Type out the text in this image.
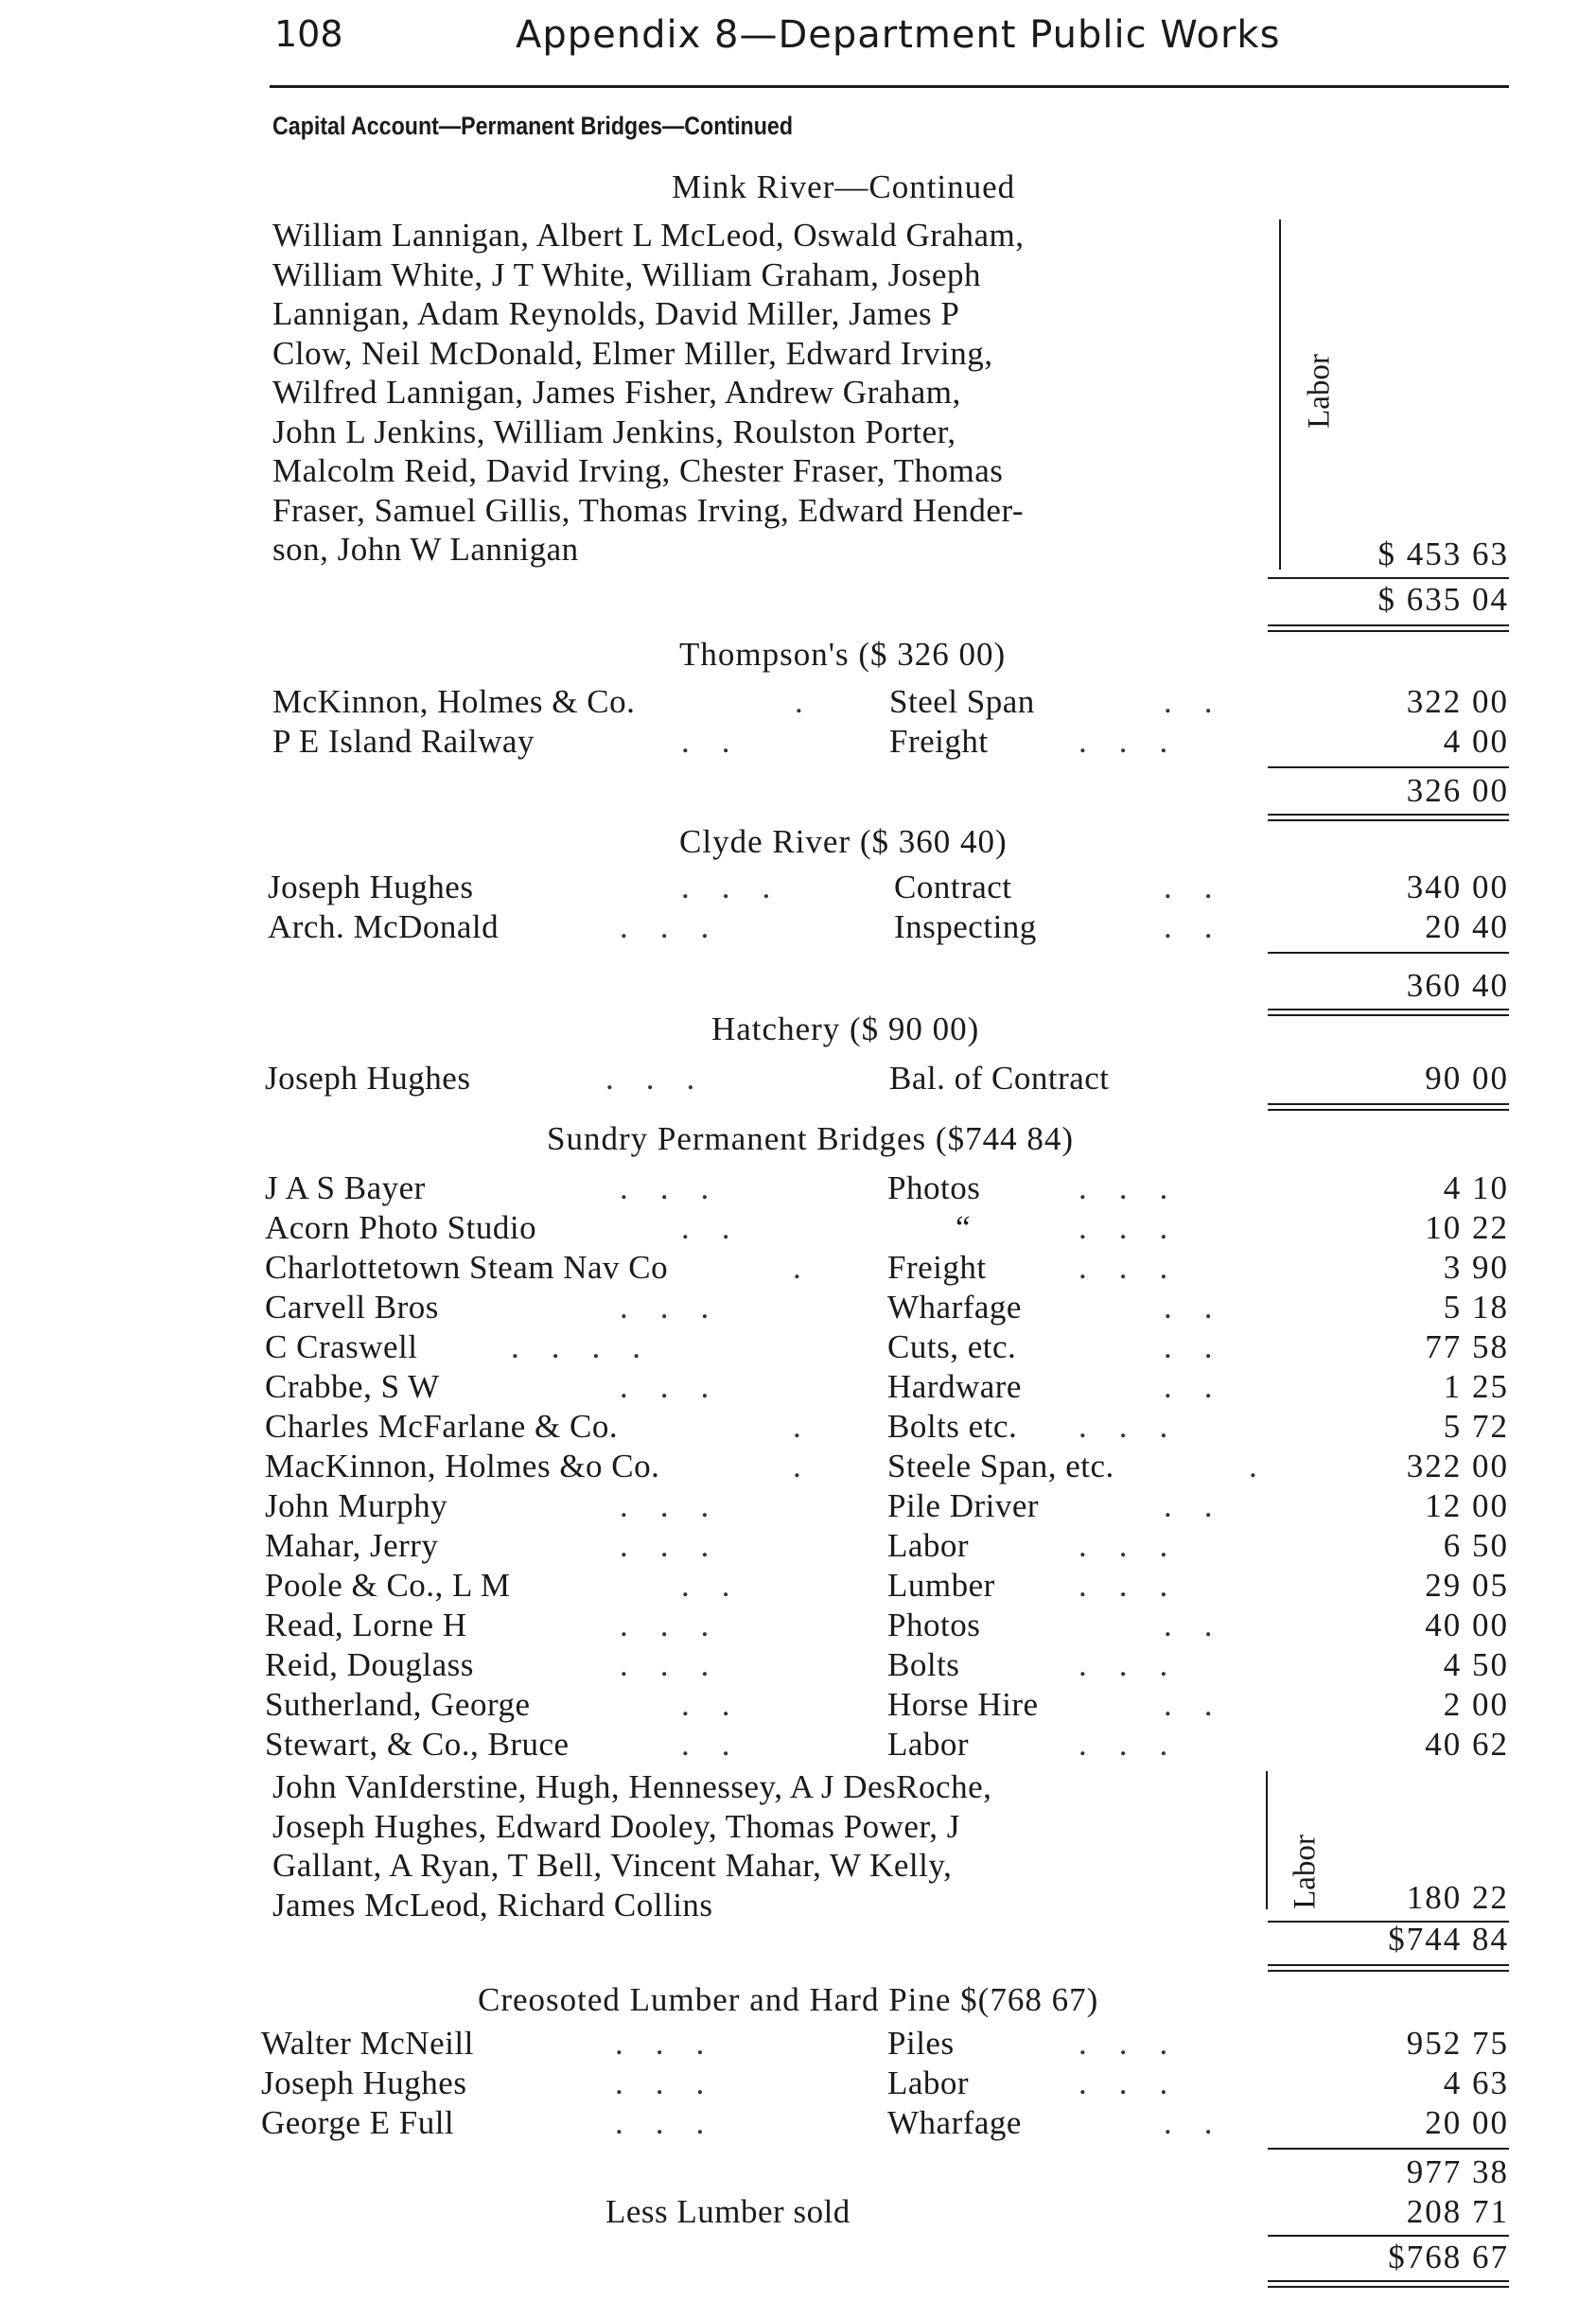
108	Appendix 8—Department Public Works
Capital Account—Permanent Bridges—Continued
Mink River—Continued
William Lannigan, Albert L McLeod, Oswald Graham,
William White, J T White, William Graham, Joseph
Lannigan, Adam Reynolds, David Miller, James P
Clow, Neil McDonald, Elmer Miller, Edward Irving,
Wilfred Lannigan, James Fisher, Andrew Graham,
John L Jenkins, William Jenkins, Roulston Porter,
Malcolm Reid, David Irving, Chester Fraser, Thomas
Fraser, Samuel Gillis, Thomas Irving, Edward Hender-
son, John W Lannigan
Labor
$ 453 63
$ 635 04
Thompson's ($ 326 00)
McKinnon, Holmes & Co.	. Steel Span	..	322 00
P E Island Railway	..	Freight	...	4 00
326 00
Clyde River ($ 360 40)
Joseph Hughes	...	Contract	..	340 00
Arch. McDonald	...	Inspecting	..	20 40
360 40
Hatchery ($ 90 00)
Joseph Hughes	...	Bal. of Contract	90 00
Sundry Permanent Bridges ($744 84)
J A S Bayer	...	Photos	...	4 10
Acorn Photo Studio	..	“	...	10 22
Charlottetown Steam Nav Co	. Freight	...	3 90
Carvell Bros	...	Wharfage	..	5 18
C Craswell	....	Cuts, etc.	..	77 58
Crabbe, S W	...	Hardware	..	1 25
Charles McFarlane & Co.	. Bolts etc. ...	5 72
MacKinnon, Holmes &o Co.	. Steele Span, etc.	.	322 00
John Murphy	...	Pile Driver	..	12 00
Mahar, Jerry	...	Labor	...	6 50
Poole & Co., L M	..	Lumber	...	29 05
Read, Lorne H	...	Photos	..	40 00
Reid, Douglass	...	Bolts	...	4 50
Sutherland, George	..	Horse Hire	..	2 00
Stewart, & Co., Bruce	..	Labor	...	40 62
John VanIderstine, Hugh, Hennessey, A J DesRoche,
Joseph Hughes, Edward Dooley, Thomas Power, J
Gallant, A Ryan, T Bell, Vincent Mahar, W Kelly,
James McLeod, Richard Collins	Labor	180 22
$744 84
Creosoted Lumber and Hard Pine $(768 67)
Walter McNeill	...	Piles	...	952 75
Joseph Hughes	...	Labor	...	4 63
George E Full	...	Wharfage	..	20 00
977 38
Less Lumber sold	208 71
$768 67
